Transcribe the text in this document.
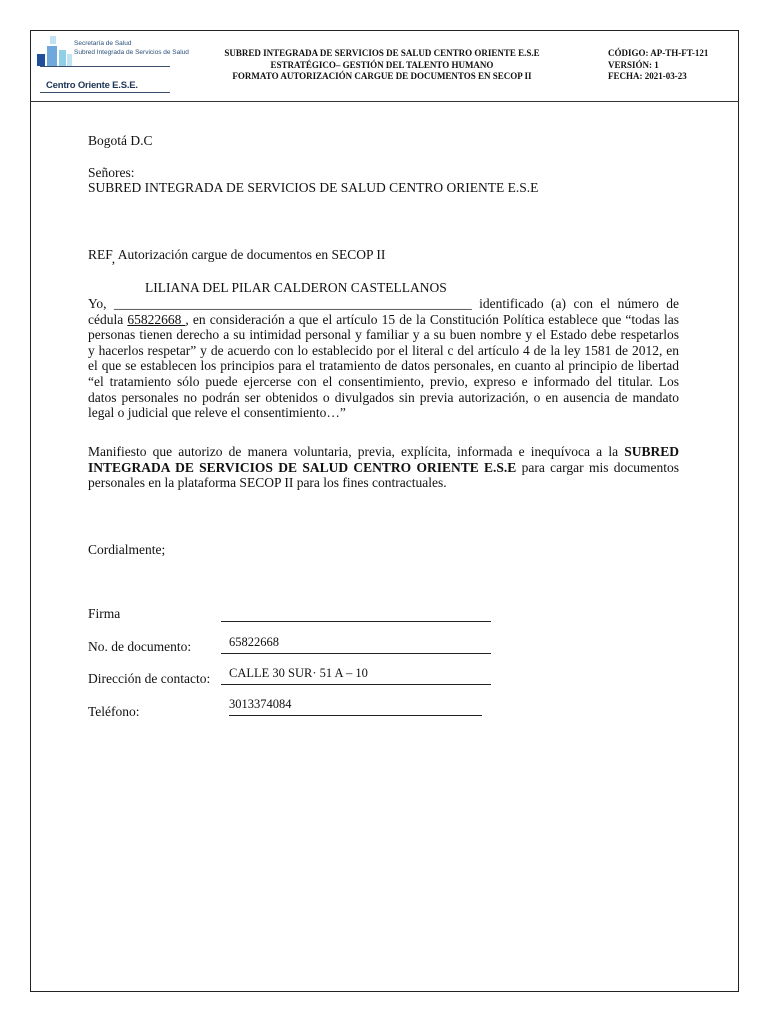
Secretaría de Salud
Subred Integrada de Servicios de Salud
Centro Oriente E.S.E.
SUBRED INTEGRADA DE SERVICIOS DE SALUD CENTRO ORIENTE E.S.E
ESTRATÉGICO– GESTIÓN DEL TALENTO HUMANO
FORMATO AUTORIZACIÓN CARGUE DE DOCUMENTOS EN SECOP II
CÓDIGO: AP-TH-FT-121
VERSIÓN: 1
FECHA: 2021-03-23
Bogotá D.C
Señores:
SUBRED INTEGRADA DE SERVICIOS DE SALUD CENTRO ORIENTE E.S.E
REF, Autorización cargue de documentos en SECOP II
LILIANA DEL PILAR CALDERON CASTELLANOS
Yo, _____________________________________________________ identificado (a) con el número de
cédula 65822668 , en consideración a que el artículo 15 de la Constitución Política establece que “todas las
personas tienen derecho a su intimidad personal y familiar y a su buen nombre y el Estado debe respetarlos
y hacerlos respetar” y de acuerdo con lo establecido por el literal c del artículo 4 de la ley 1581 de 2012, en
el que se establecen los principios para el tratamiento de datos personales, en cuanto al principio de libertad
“el tratamiento sólo puede ejercerse con el consentimiento, previo, expreso e informado del titular. Los
datos personales no podrán ser obtenidos o divulgados sin previa autorización, o en ausencia de mandato
legal o judicial que releve el consentimiento…”
Manifiesto que autorizo de manera voluntaria, previa, explícita, informada e inequívoca a la SUBRED
INTEGRADA DE SERVICIOS DE SALUD CENTRO ORIENTE E.S.E para cargar mis documentos
personales en la plataforma SECOP II para los fines contractuales.
Cordialmente;
Firma
No. de documento:	65822668
Dirección de contacto: CALLE 30 SUR· 51 A – 10
Teléfono:	3013374084
